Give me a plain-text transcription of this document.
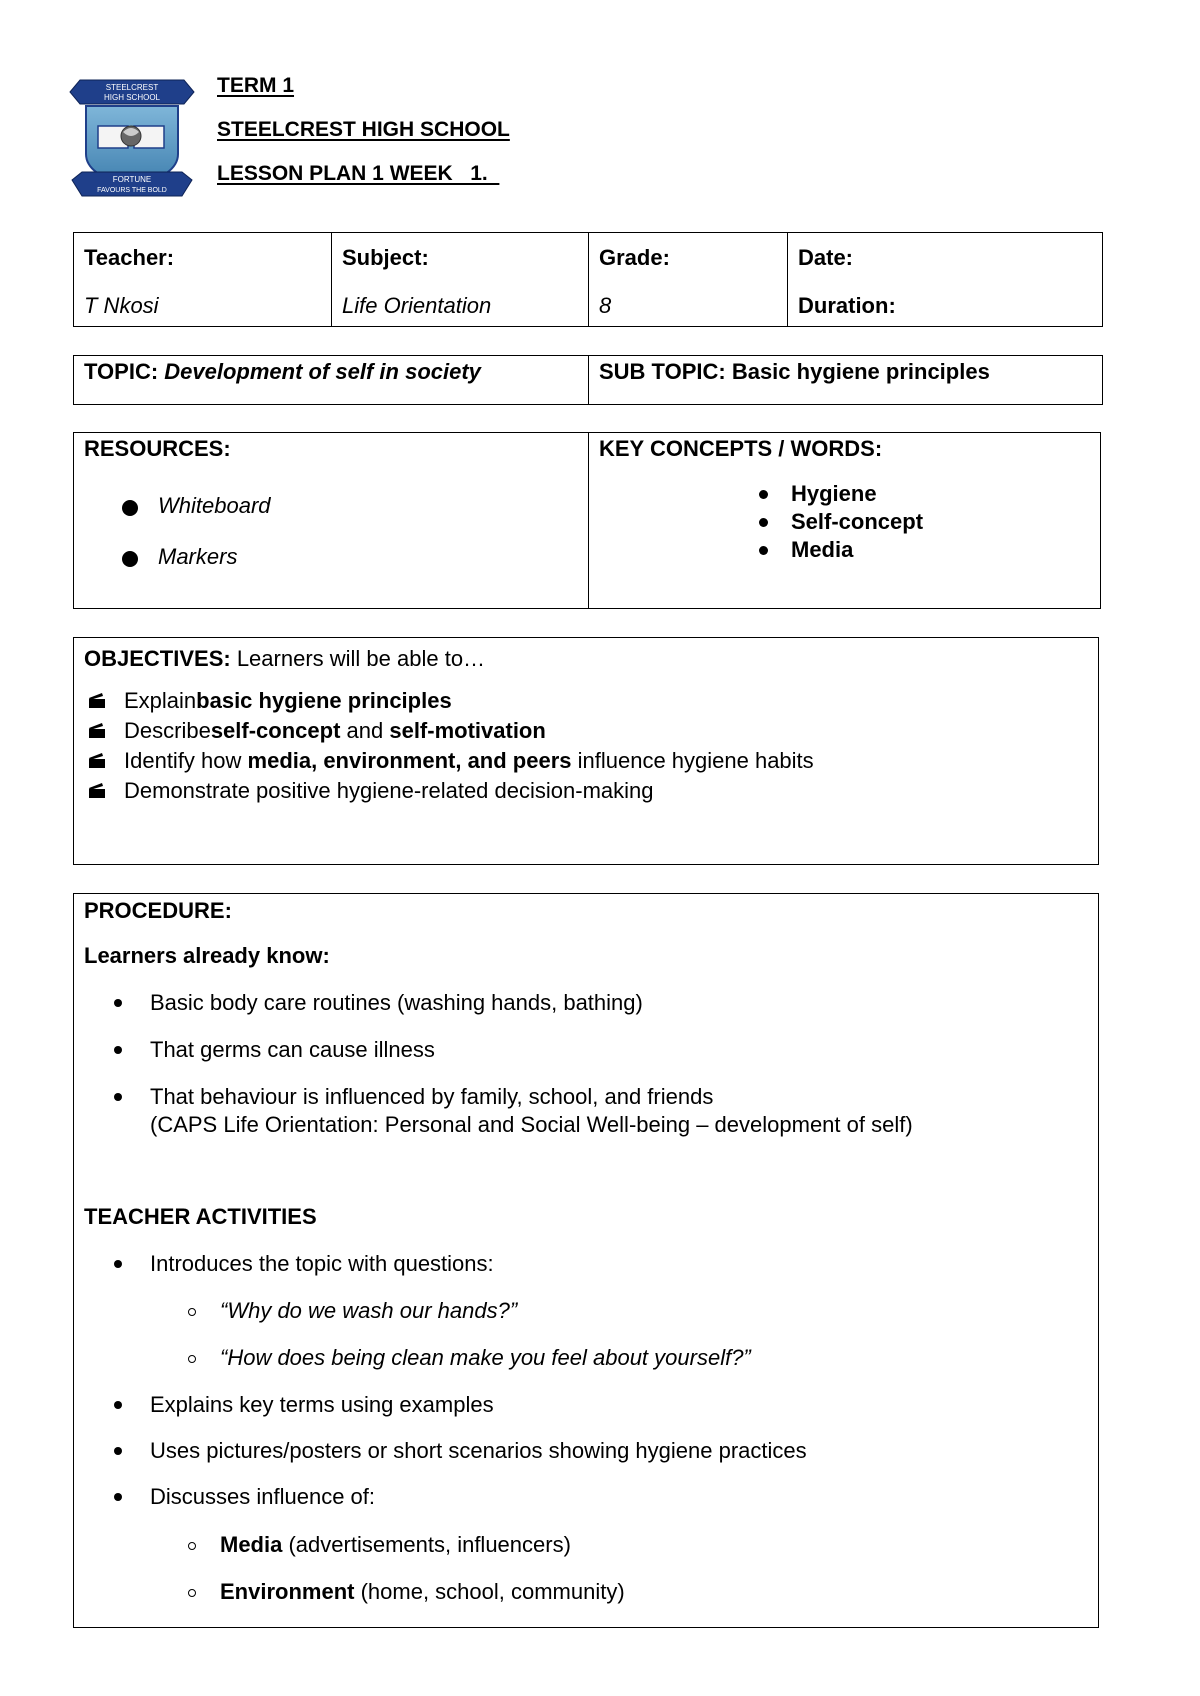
STEELCREST
HIGH SCHOOL
FORTUNE
FAVOURS THE BOLD
TERM 1
STEELCREST HIGH SCHOOL
LESSON PLAN 1 WEEK   1.
Teacher:
T Nkosi
Subject:
Life Orientation
Grade:
8
Date:
Duration:
TOPIC: Development of self in society	SUB TOPIC: Basic hygiene principles
RESOURCES:
Whiteboard
Markers
KEY CONCEPTS / WORDS:
Hygiene
Self-concept
Media
OBJECTIVES: Learners will be able to…
Explain basic hygiene principles
Describe self-concept and self-motivation
Identify how media, environment, and peers influence hygiene habits
Demonstrate positive hygiene-related decision-making
PROCEDURE:
Learners already know:
Basic body care routines (washing hands, bathing)
That germs can cause illness
That behaviour is influenced by family, school, and friends
(CAPS Life Orientation: Personal and Social Well-being – development of self)
TEACHER ACTIVITIES
Introduces the topic with questions:
“Why do we wash our hands?”
“How does being clean make you feel about yourself?”
Explains key terms using examples
Uses pictures/posters or short scenarios showing hygiene practices
Discusses influence of:
Media (advertisements, influencers)
Environment (home, school, community)
